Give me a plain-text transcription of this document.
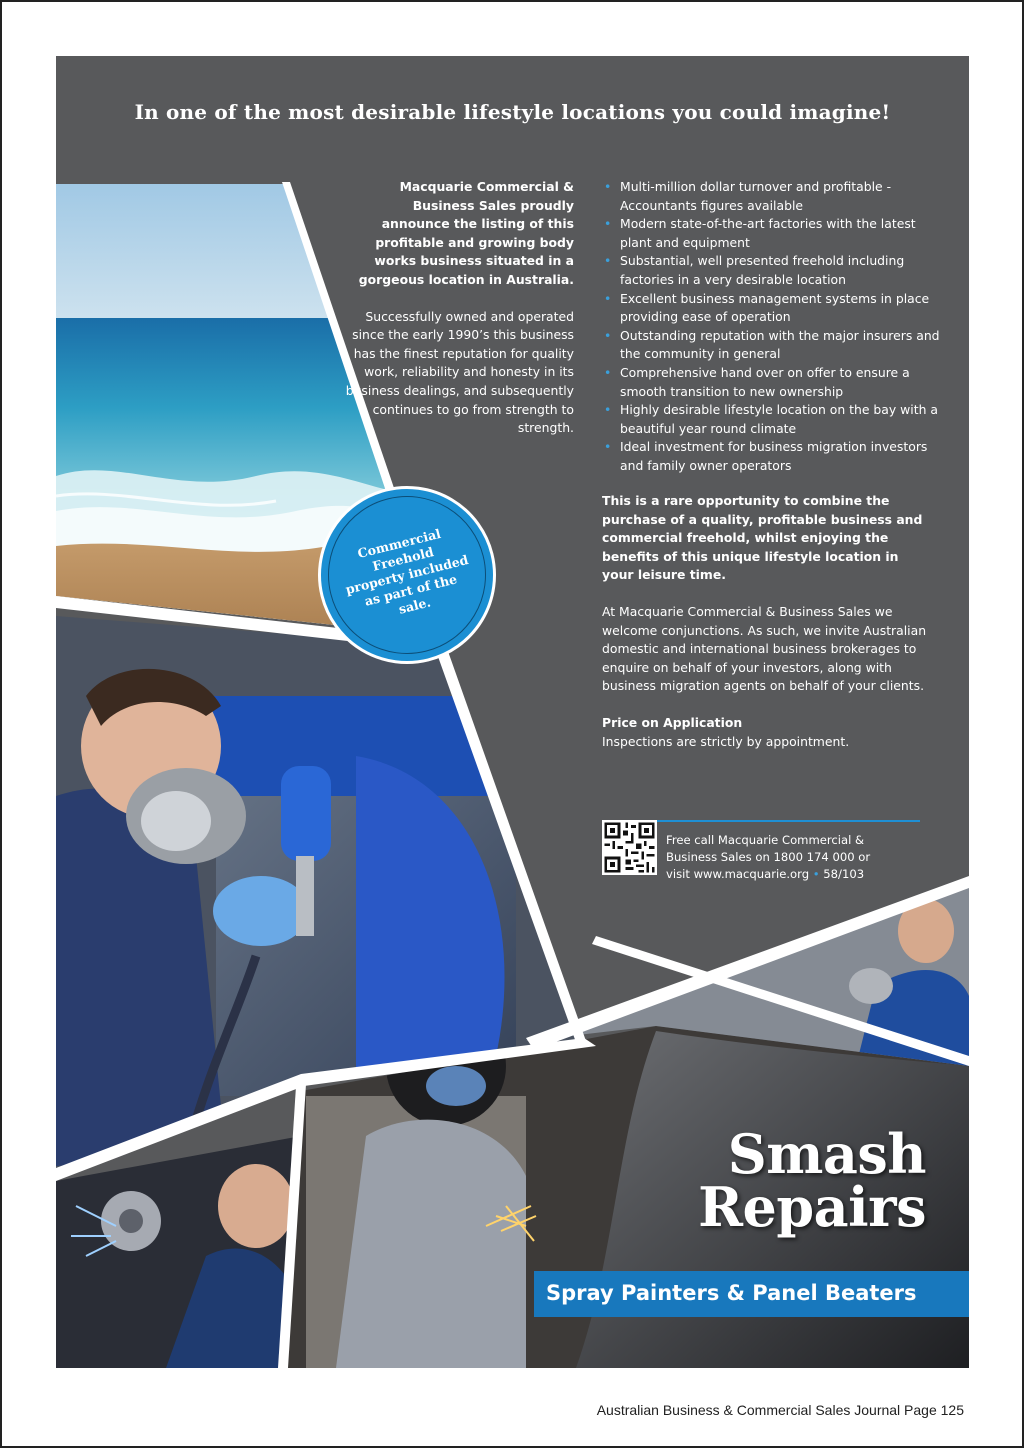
In one of the most desirable lifestyle locations you could imagine!

Macquarie Commercial & Business Sales proudly announce the listing of this profitable and growing body works business situated in a gorgeous location in Australia.

Successfully owned and operated since the early 1990’s this business has the finest reputation for quality work, reliability and honesty in its business dealings, and subsequently continues to go from strength to strength.

• Multi-million dollar turnover and profitable - Accountants figures available
• Modern state-of-the-art factories with the latest plant and equipment
• Substantial, well presented freehold including factories in a very desirable location
• Excellent business management systems in place providing ease of operation
• Outstanding reputation with the major insurers and the community in general
• Comprehensive hand over on offer to ensure a smooth transition to new ownership
• Highly desirable lifestyle location on the bay with a beautiful year round climate
• Ideal investment for business migration investors and family owner operators

This is a rare opportunity to combine the purchase of a quality, profitable business and commercial freehold, whilst enjoying the benefits of this unique lifestyle location in your leisure time.

At Macquarie Commercial & Business Sales we welcome conjunctions. As such, we invite Australian domestic and international business brokerages to enquire on behalf of your investors, along with business migration agents on behalf of your clients.

Price on Application

Inspections are strictly by appointment.

Free call Macquarie Commercial &
Business Sales on 1800 174 000 or
visit www.macquarie.org • 58/103
Commercial
Freehold
property included
as part of the
sale.
Smash
Repairs
Spray Painters & Panel Beaters
Australian Business & Commercial Sales Journal Page 125
